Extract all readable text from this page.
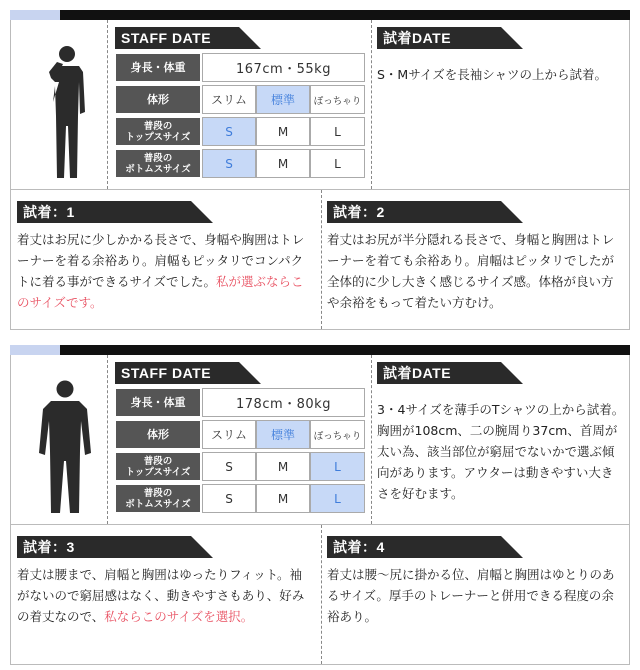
STAFF DATE	試着DATE
身長・体重	167cm・55kg
体形	スリム	標準	ぽっちゃり
普段の
トップスサイズ	S	M	L
普段の
ボトムスサイズ	S	M	L
S・Mサイズを長袖シャツの上から試着。
試着：1
着丈はお尻に少しかかる長さで、身幅や胸囲はトレーナーを着る余裕あり。肩幅もピッタリでコンパクトに着る事ができるサイズでした。私が選ぶならこのサイズです。
試着：2
着丈はお尻が半分隠れる長さで、身幅と胸囲はトレーナーを着ても余裕あり。肩幅はピッタリでしたが全体的に少し大きく感じるサイズ感。体格が良い方や余裕をもって着たい方むけ。
STAFF DATE	試着DATE
身長・体重	178cm・80kg
体形	スリム	標準	ぽっちゃり
普段の
トップスサイズ	S	M	L
普段の
ボトムスサイズ	S	M	L
3・4サイズを薄手のTシャツの上から試着。胸囲が108cm、二の腕周り37cm、首周が太い為、該当部位が窮屈でないかで選ぶ傾向があります。アウターは動きやすい大きさを好むます。
試着：3
着丈は腰まで、肩幅と胸囲はゆったりフィット。袖がないので窮屈感はなく、動きやすさもあり、好みの着丈なので、私ならこのサイズを選択。
試着：4
着丈は腰～尻に掛かる位、肩幅と胸囲はゆとりのあるサイズ。厚手のトレーナーと併用できる程度の余裕あり。
